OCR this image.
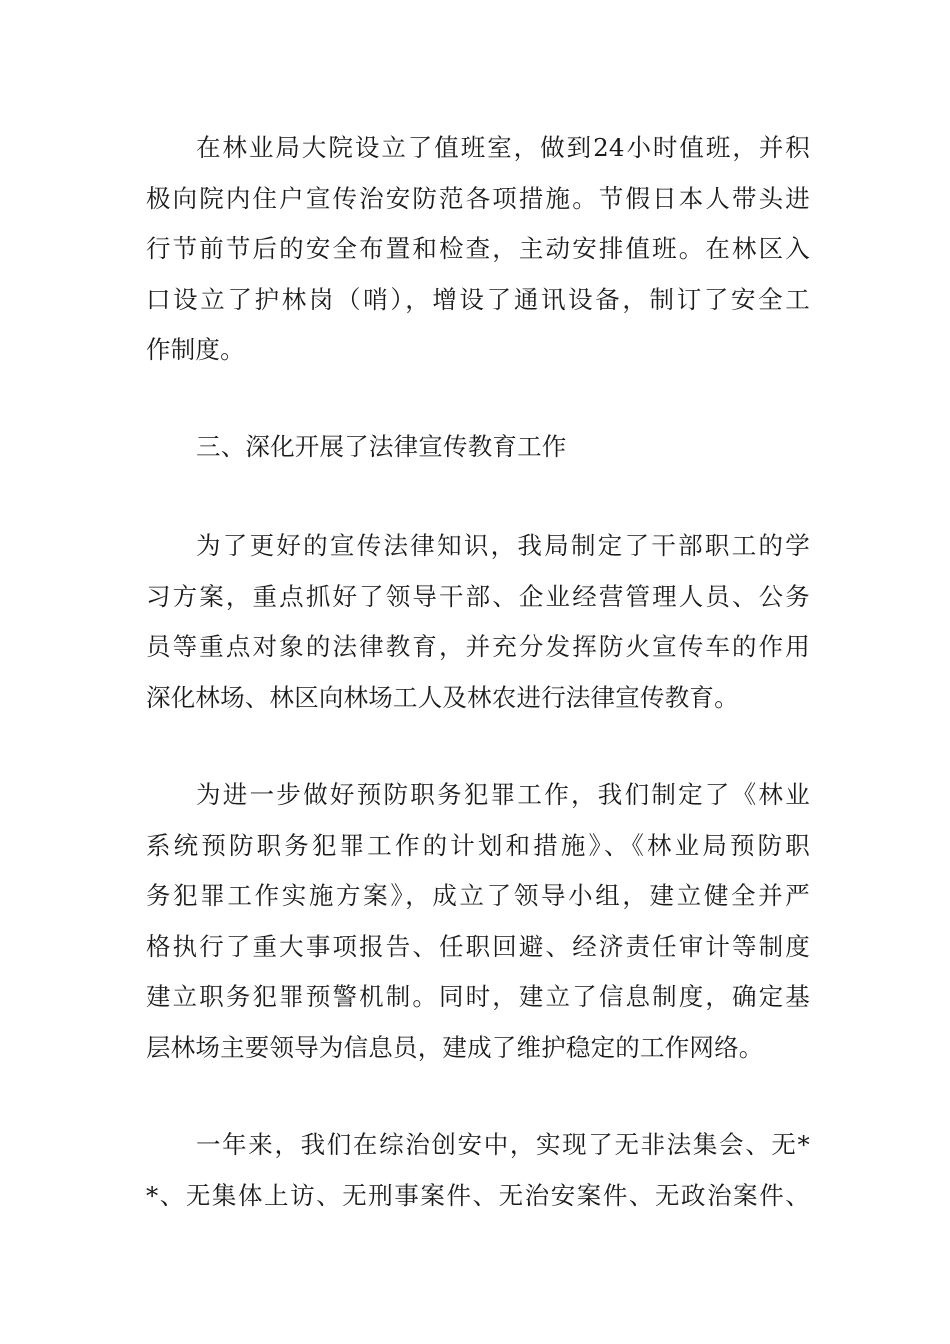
在林业局大院设立了值班室，做到24小时值班，并积
极向院内住户宣传治安防范各项措施。节假日本人带头进
行节前节后的安全布置和检查，主动安排值班。在林区入
口设立了护林岗（哨），增设了通讯设备，制订了安全工
作制度。
三、深化开展了法律宣传教育工作
为了更好的宣传法律知识，我局制定了干部职工的学
习方案，重点抓好了领导干部、企业经营管理人员、公务
员等重点对象的法律教育，并充分发挥防火宣传车的作用
深化林场、林区向林场工人及林农进行法律宣传教育。
为进一步做好预防职务犯罪工作，我们制定了《林业
系统预防职务犯罪工作的计划和措施》、《林业局预防职
务犯罪工作实施方案》，成立了领导小组，建立健全并严
格执行了重大事项报告、任职回避、经济责任审计等制度
建立职务犯罪预警机制。同时，建立了信息制度，确定基
层林场主要领导为信息员，建成了维护稳定的工作网络。
一年来，我们在综治创安中，实现了无非法集会、无*
*、无集体上访、无刑事案件、无治安案件、无政治案件、
